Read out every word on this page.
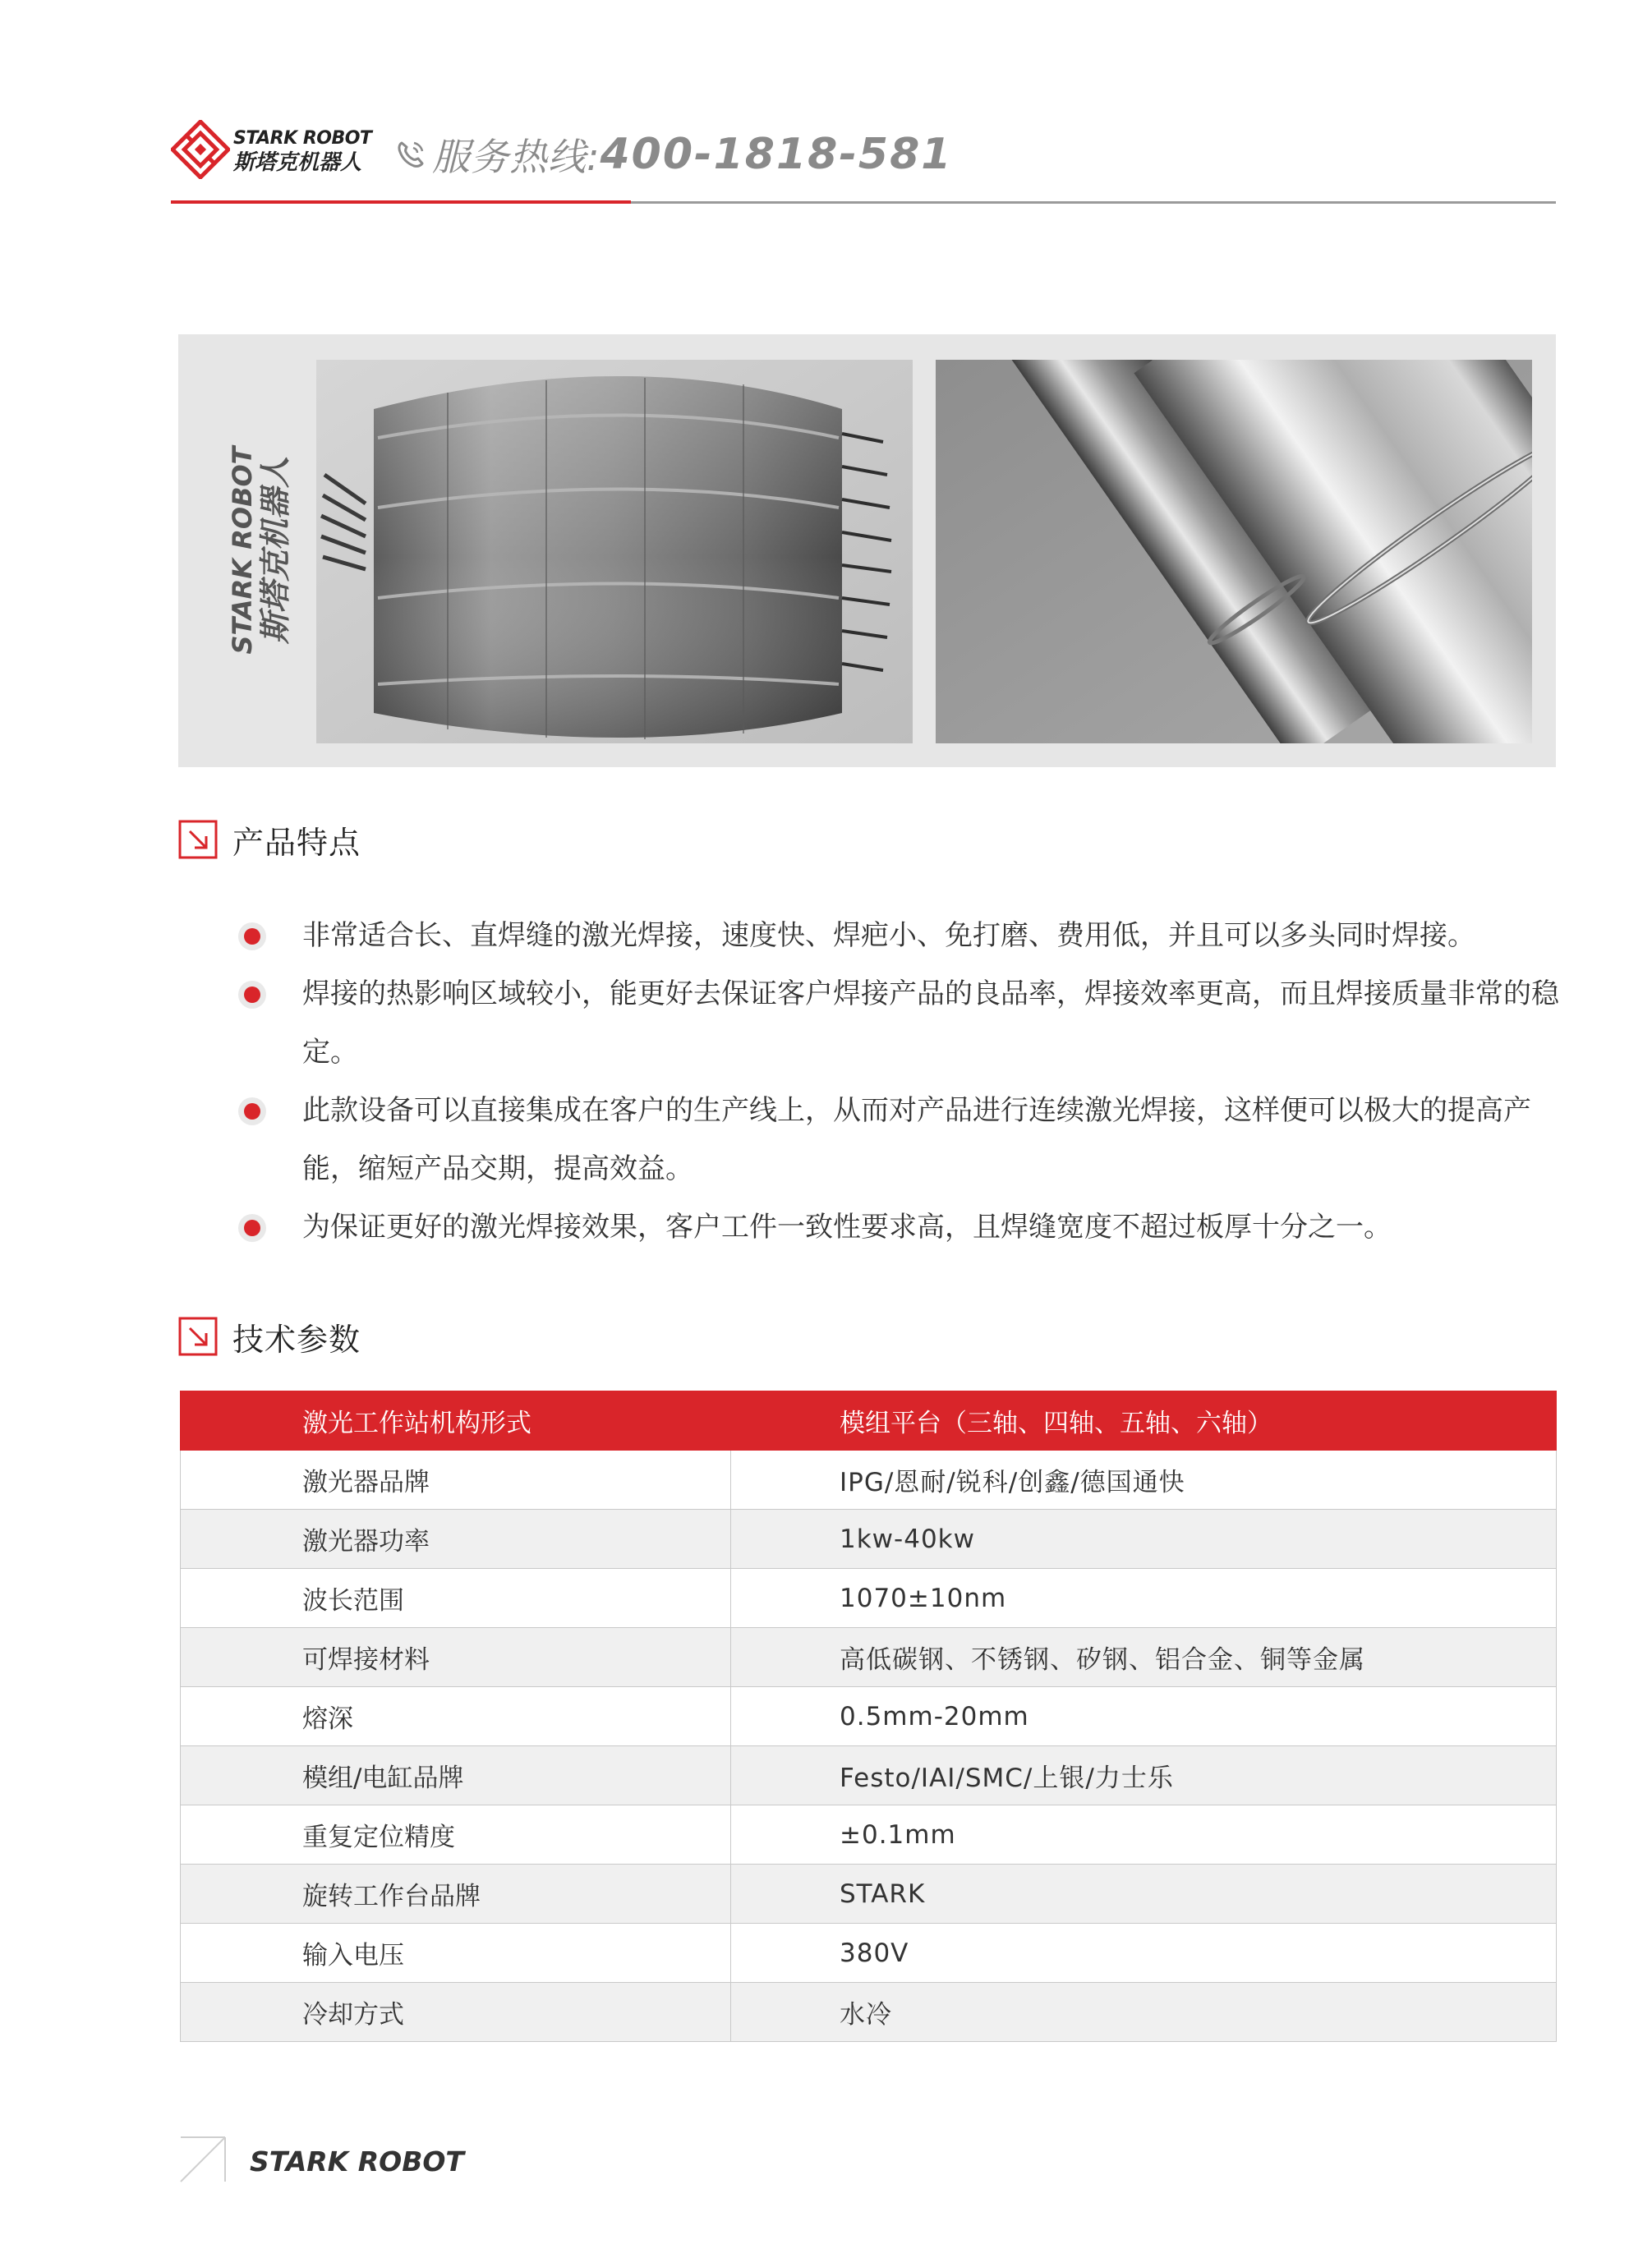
STARK ROBOT
斯塔克机器人 服务热线: 400-1818-581
STARK ROBOT 斯塔克机器人
产品特点
非常适合长、直焊缝的激光焊接，速度快、焊疤小、免打磨、费用低，并且可以多头同时焊接。
焊接的热影响区域较小，能更好去保证客户焊接产品的良品率，焊接效率更高，而且焊接质量非常的稳定。
此款设备可以直接集成在客户的生产线上，从而对产品进行连续激光焊接，这样便可以极大的提高产能，缩短产品交期，提高效益。
为保证更好的激光焊接效果，客户工件一致性要求高，且焊缝宽度不超过板厚十分之一。
技术参数
激光工作站机构形式	模组平台（三轴、四轴、五轴、六轴）
激光器品牌	IPG/恩耐/锐科/创鑫/德国通快
激光器功率	1kw-40kw
波长范围	1070±10nm
可焊接材料	高低碳钢、不锈钢、矽钢、铝合金、铜等金属
熔深	0.5mm-20mm
模组/电缸品牌	Festo/IAI/SMC/上银/力士乐
重复定位精度	±0.1mm
旋转工作台品牌	STARK
输入电压	380V
冷却方式	水冷
STARK ROBOT
